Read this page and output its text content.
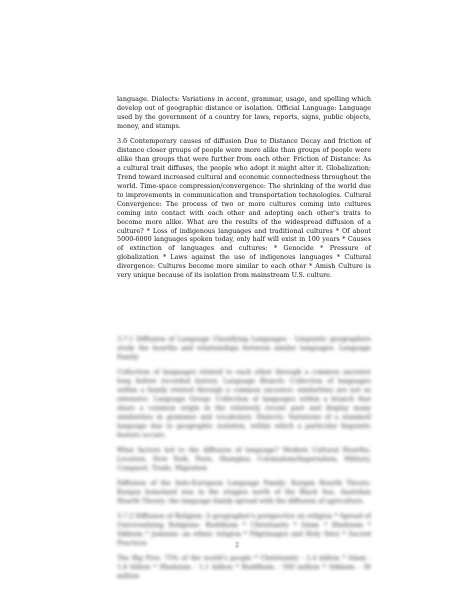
language. Dialects: Variations in accent, grammar, usage, and spelling which develop out of geographic distance or isolation. Official Language: Language used by the government of a country for laws, reports, signs, public objects, money, and stamps.

3.6 Contemporary causes of diffusion Due to Distance Decay and friction of distance closer groups of people were more alike than groups of people were alike than groups that were further from each other. Friction of Distance: As a cultural trait diffuses, the people who adopt it might alter it. Globalization: Trend toward increased cultural and economic connectedness throughout the world. Time-space compression/convergence: The shrinking of the world due to improvements in communication and transportation technologies. Cultural Convergence: The process of two or more cultures coming into cultures coming into contact with each other and adopting each other's traits to become more alike. What are the results of the widespread diffusion of a culture? * Loss of indigenous languages and traditional cultures * Of about 5000-6000 languages spoken today, only half will exist in 100 years * Causes of extinction of languages and cultures: * Genocide * Pressure of globalization * Laws against the use of indigenous languages * Cultural divergence: Cultures become more similar to each other * Amish Culture is very unique because of its isolation from mainstream U.S. culture.

3.7.1 Diffusion of Language Classifying Languages - Linguistic geographers study the hearths and relationships between similar languages. Language Family

Collection of languages related to each other through a common ancestor long before recorded history. Language Branch: Collection of languages within a family related through a common ancestor; similarities are not as extensive. Language Group: Collection of languages within a branch that share a common origin in the relatively recent past and display many similarities in grammar and vocabulary. Dialects: Variations of a standard language due to geographic isolation, within which a particular linguistic feature occurs.

What factors led to the diffusion of language? Modern Cultural Hearths, Location, New York, Paris, Shanghai, Colonialism/Imperialism, Military, Conquest, Trade, Migration

Diffusion of the Indo-European Language Family: Kurgan Hearth Theory: Kurgan homeland was in the steppes north of the Black Sea. Anatolian Hearth Theory: the language family spread with the diffusion of agriculture.

3.7.2 Diffusion of Religion: A geographer's perspective on religion * Spread of Universalizing Religions: Buddhism * Christianity * Islam * Hinduism * Sikhism * Judaism: an ethnic religion * Pilgrimages and Holy Sites * Sacred Practices

The Big Five: 75% of the world's people * Christianity - 2.4 billion * Islam - 1.8 billion * Hinduism - 1.1 billion * Buddhism - 500 million * Sikhism - 30 million

2
